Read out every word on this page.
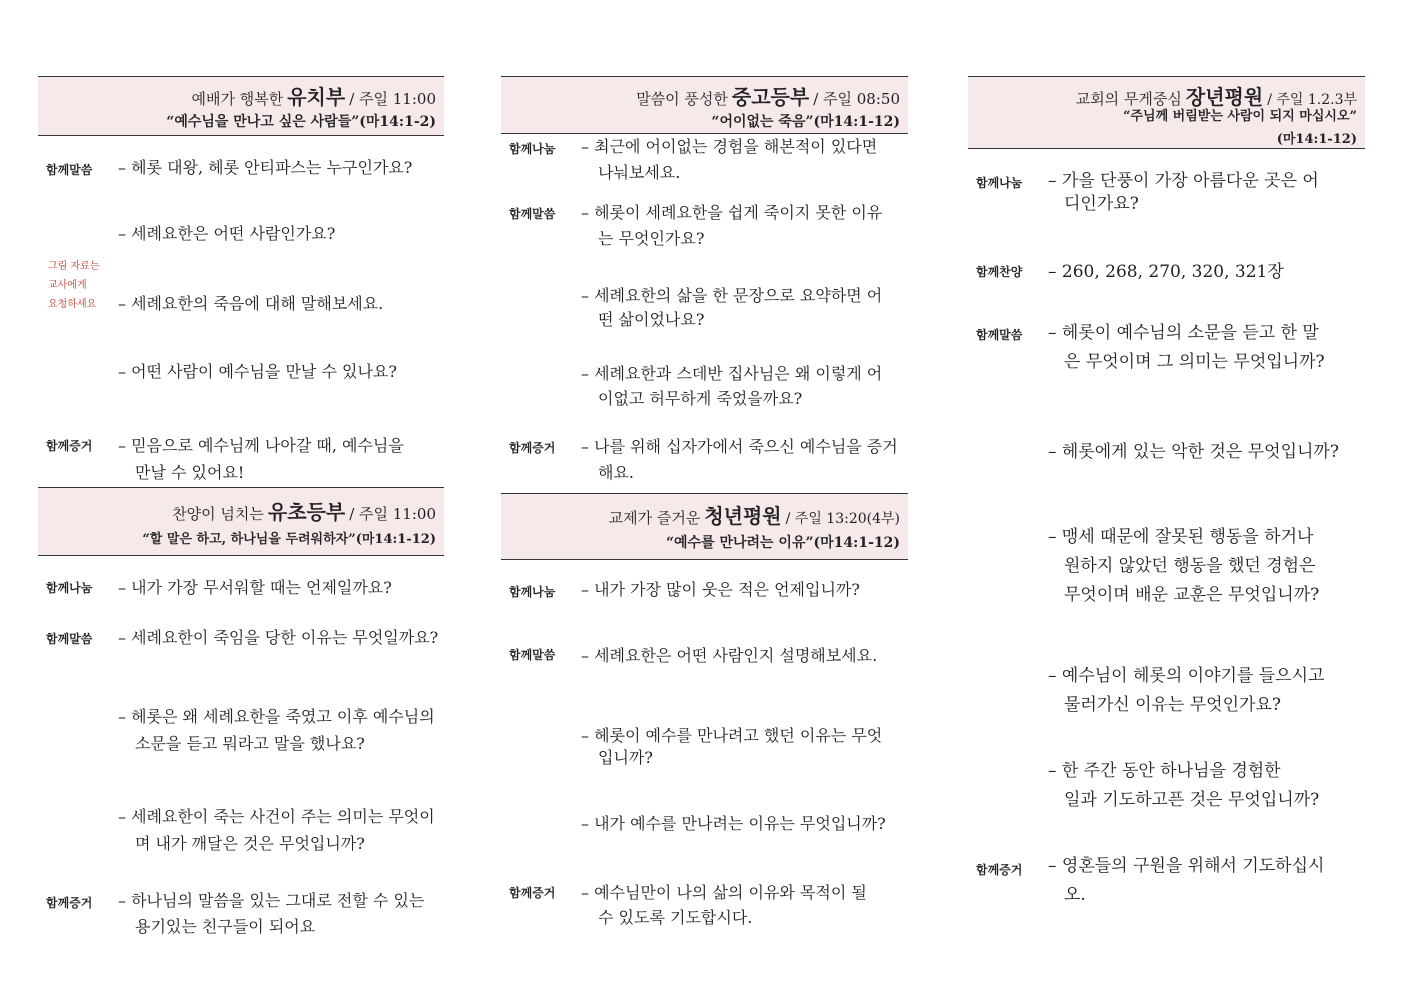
예배가 행복한 유치부 / 주일 11:00
“예수님을 만나고 싶은 사람들”(마14:1-2)
함께말씀 – 헤롯 대왕, 헤롯 안티파스는 누구인가요?
– 세례요한은 어떤 사람인가요?
그림 자료는
교사에게
요청하세요 – 세례요한의 죽음에 대해 말해보세요.
– 어떤 사람이 예수님을 만날 수 있나요?
함께증거 – 믿음으로 예수님께 나아갈 때, 예수님을
만날 수 있어요!
찬양이 넘치는 유초등부 / 주일 11:00
“할 말은 하고, 하나님을 두려워하자”(마14:1-12)
함께나눔 – 내가 가장 무서워할 때는 언제일까요?
함께말씀 – 세례요한이 죽임을 당한 이유는 무엇일까요?
– 헤롯은 왜 세례요한을 죽였고 이후 예수님의
소문을 듣고 뭐라고 말을 했나요?
– 세례요한이 죽는 사건이 주는 의미는 무엇이
며 내가 깨달은 것은 무엇입니까?
함께증거 – 하나님의 말씀을 있는 그대로 전할 수 있는
용기있는 친구들이 되어요
말씀이 풍성한 중고등부 / 주일 08:50
“어이없는 죽음”(마14:1-12)
함께나눔 – 최근에 어이없는 경험을 해본적이 있다면
나눠보세요.
함께말씀 – 헤롯이 세례요한을 쉽게 죽이지 못한 이유
는 무엇인가요?
– 세례요한의 삶을 한 문장으로 요약하면 어
떤 삶이었나요?
– 세례요한과 스데반 집사님은 왜 이렇게 어
이없고 허무하게 죽었을까요?
함께증거 – 나를 위해 십자가에서 죽으신 예수님을 증거
해요.
교제가 즐거운 청년평원 / 주일 13:20(4부)
“예수를 만나려는 이유”(마14:1-12)
함께나눔 – 내가 가장 많이 웃은 적은 언제입니까?
함께말씀 – 세례요한은 어떤 사람인지 설명해보세요.
– 헤롯이 예수를 만나려고 했던 이유는 무엇
입니까?
– 내가 예수를 만나려는 이유는 무엇입니까?
함께증거 – 예수님만이 나의 삶의 이유와 목적이 될
수 있도록 기도합시다.
교회의 무게중심 장년평원 / 주일 1.2.3부
“주님께 버림받는 사람이 되지 마십시오”
(마14:1-12)
함께나눔 – 가을 단풍이 가장 아름다운 곳은 어
디인가요?
함께찬양 – 260, 268, 270, 320, 321장
함께말씀 – 헤롯이 예수님의 소문을 듣고 한 말
은 무엇이며 그 의미는 무엇입니까?
– 헤롯에게 있는 악한 것은 무엇입니까?
– 맹세 때문에 잘못된 행동을 하거나
원하지 않았던 행동을 했던 경험은
무엇이며 배운 교훈은 무엇입니까?
– 예수님이 헤롯의 이야기를 들으시고
물러가신 이유는 무엇인가요?
– 한 주간 동안 하나님을 경험한
일과 기도하고픈 것은 무엇입니까?
함께증거 – 영혼들의 구원을 위해서 기도하십시
오.
